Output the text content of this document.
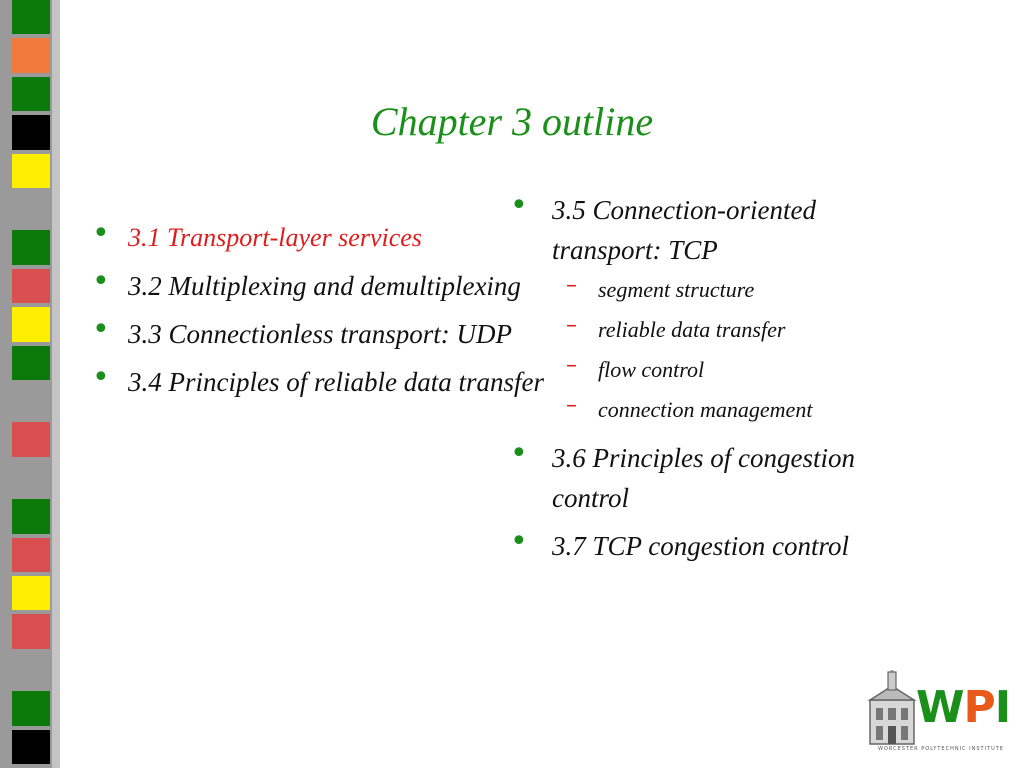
Chapter 3 outline
• 3.1 Transport-layer services
• 3.2 Multiplexing and demultiplexing
• 3.3 Connectionless transport: UDP
• 3.4 Principles of reliable data transfer
• 3.5 Connection-oriented transport: TCP
– segment structure
– reliable data transfer
– flow control
– connection management
• 3.6 Principles of congestion control
• 3.7 TCP congestion control
WPI
WORCESTER POLYTECHNIC INSTITUTE
